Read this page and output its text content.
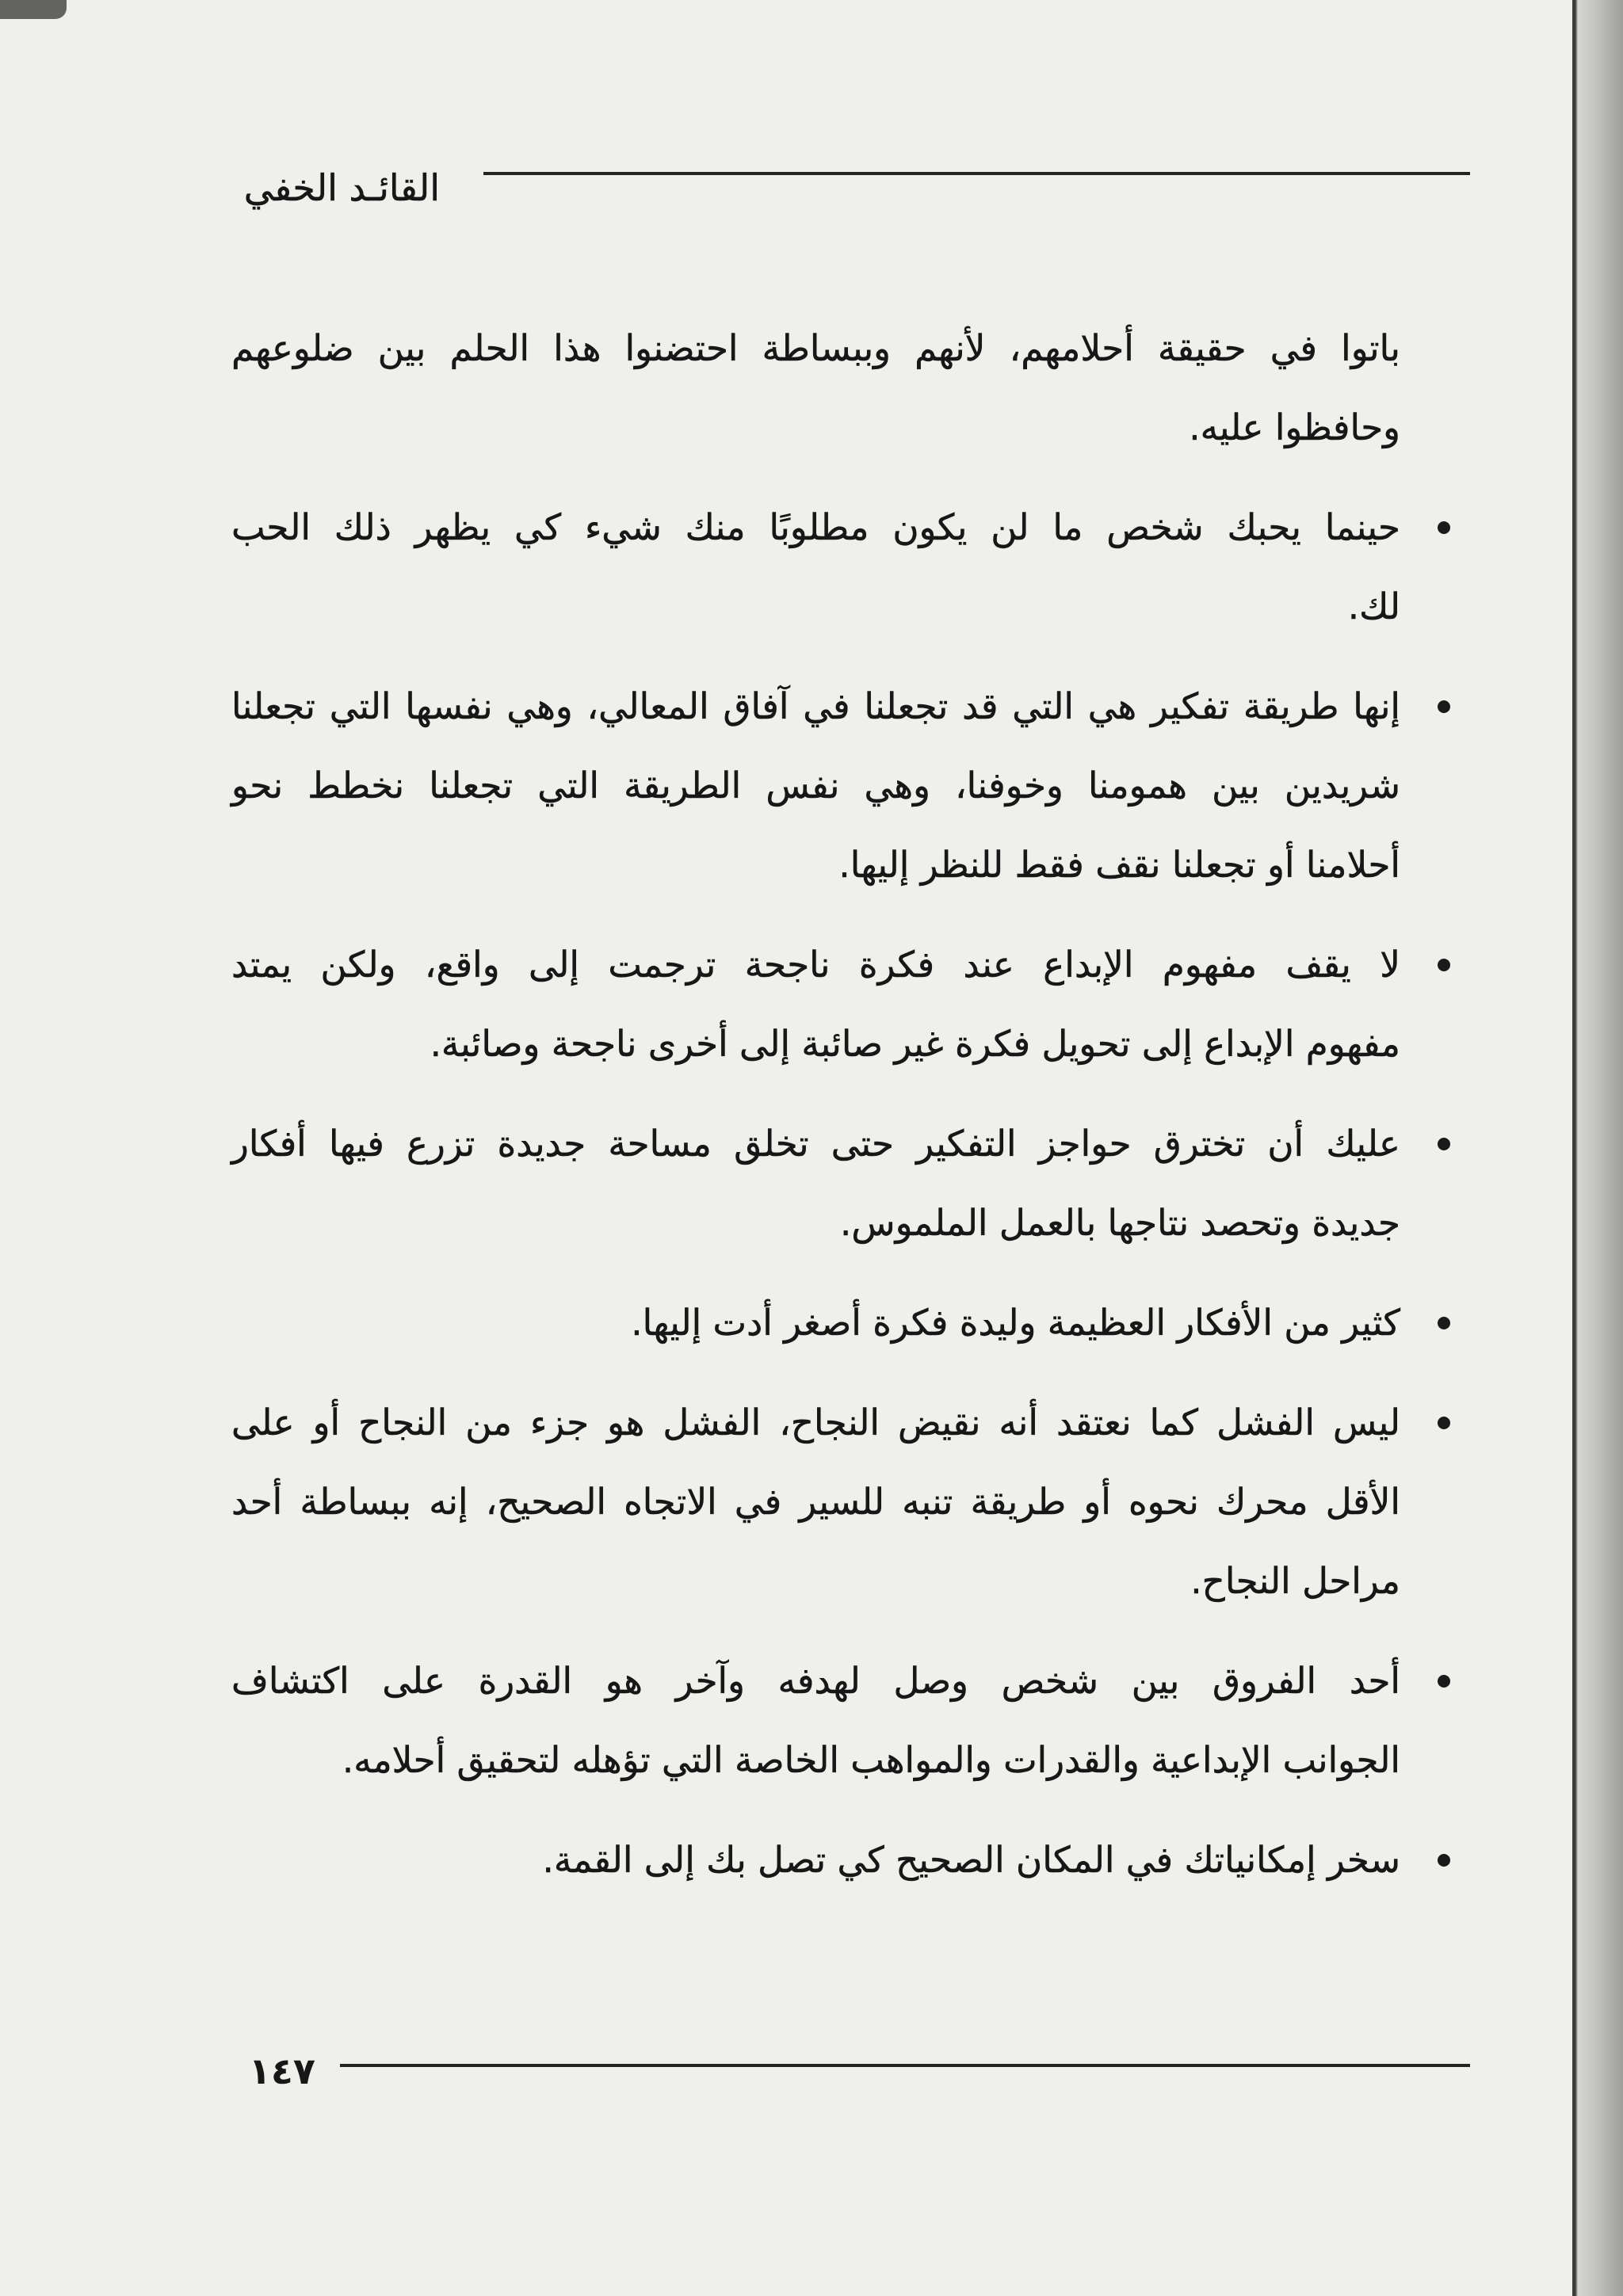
القائـد الخفي
باتوا في حقيقة أحلامهم، لأنهم وببساطة احتضنوا هذا الحلم بين ضلوعهم
وحافظوا عليه.
حينما يحبك شخص ما لن يكون مطلوبًا منك شيء كي يظهر ذلك الحب
لك.
إنها طريقة تفكير هي التي قد تجعلنا في آفاق المعالي، وهي نفسها التي تجعلنا
شريدين بين همومنا وخوفنا، وهي نفس الطريقة التي تجعلنا نخطط نحو
أحلامنا أو تجعلنا نقف فقط للنظر إليها.
لا يقف مفهوم الإبداع عند فكرة ناجحة ترجمت إلى واقع، ولكن يمتد
مفهوم الإبداع إلى تحويل فكرة غير صائبة إلى أخرى ناجحة وصائبة.
عليك أن تخترق حواجز التفكير حتى تخلق مساحة جديدة تزرع فيها أفكار
جديدة وتحصد نتاجها بالعمل الملموس.
كثير من الأفكار العظيمة وليدة فكرة أصغر أدت إليها.
ليس الفشل كما نعتقد أنه نقيض النجاح، الفشل هو جزء من النجاح أو على
الأقل محرك نحوه أو طريقة تنبه للسير في الاتجاه الصحيح، إنه ببساطة أحد
مراحل النجاح.
أحد الفروق بين شخص وصل لهدفه وآخر هو القدرة على اكتشاف
الجوانب الإبداعية والقدرات والمواهب الخاصة التي تؤهله لتحقيق أحلامه.
سخر إمكانياتك في المكان الصحيح كي تصل بك إلى القمة.
١٤٧
